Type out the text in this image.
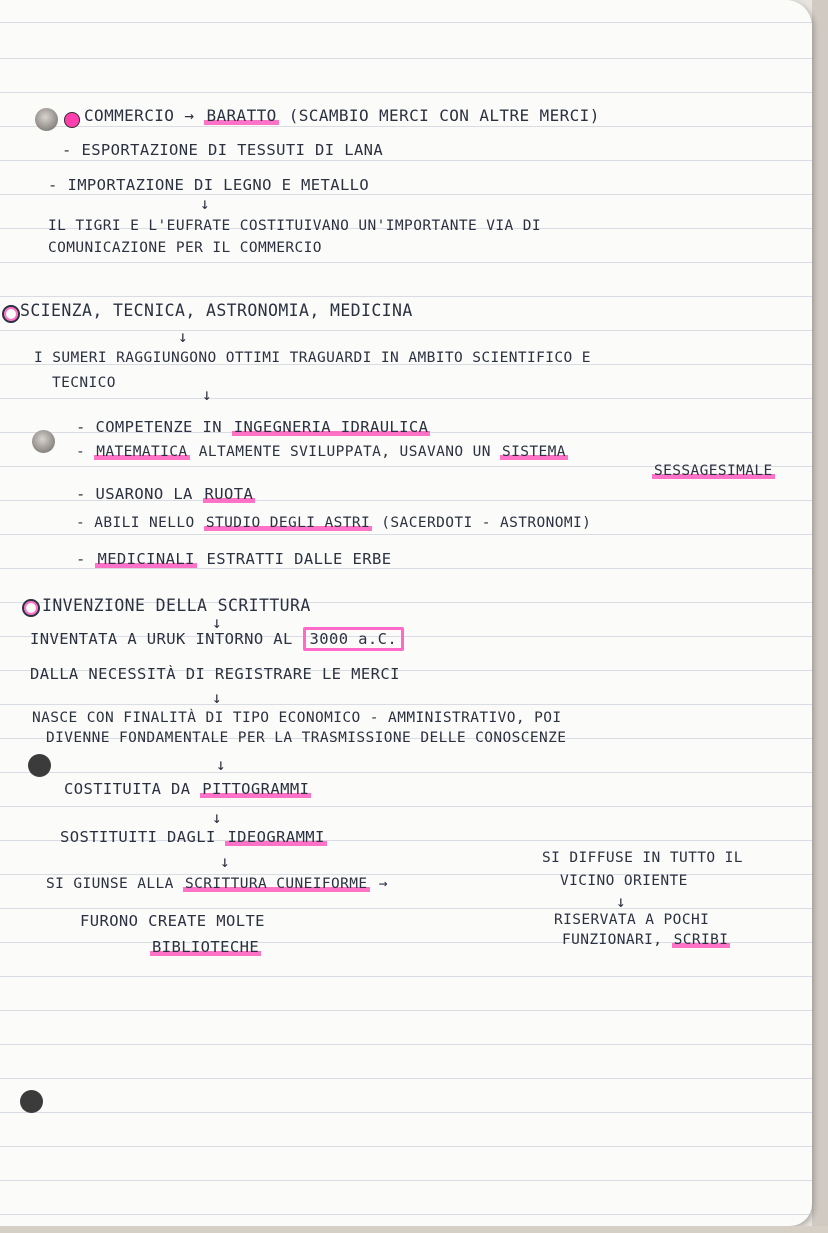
COMMERCIO → BARATTO (SCAMBIO MERCI CON ALTRE MERCI)
- ESPORTAZIONE DI TESSUTI DI LANA
- IMPORTAZIONE DI LEGNO E METALLO
↓
IL TIGRI E L'EUFRATE COSTITUIVANO UN'IMPORTANTE VIA DI
COMUNICAZIONE PER IL COMMERCIO
SCIENZA, TECNICA, ASTRONOMIA, MEDICINA
↓
I SUMERI RAGGIUNGONO OTTIMI TRAGUARDI IN AMBITO SCIENTIFICO E
TECNICO
↓
- COMPETENZE IN INGEGNERIA IDRAULICA
- MATEMATICA ALTAMENTE SVILUPPATA, USAVANO UN SISTEMA
SESSAGESIMALE
- USARONO LA RUOTA
- ABILI NELLO STUDIO DEGLI ASTRI (SACERDOTI - ASTRONOMI)
- MEDICINALI ESTRATTI DALLE ERBE
INVENZIONE DELLA SCRITTURA
↓
INVENTATA A URUK INTORNO AL 3000 a.C.
DALLA NECESSITÀ DI REGISTRARE LE MERCI
↓
NASCE CON FINALITÀ DI TIPO ECONOMICO - AMMINISTRATIVO, POI
DIVENNE FONDAMENTALE PER LA TRASMISSIONE DELLE CONOSCENZE
↓
COSTITUITA DA PITTOGRAMMI
↓
SOSTITUITI DAGLI IDEOGRAMMI
↓
SI GIUNSE ALLA SCRITTURA CUNEIFORME →
SI DIFFUSE IN TUTTO IL
VICINO ORIENTE
↓
RISERVATA A POCHI
FUNZIONARI, SCRIBI
FURONO CREATE MOLTE
BIBLIOTECHE
